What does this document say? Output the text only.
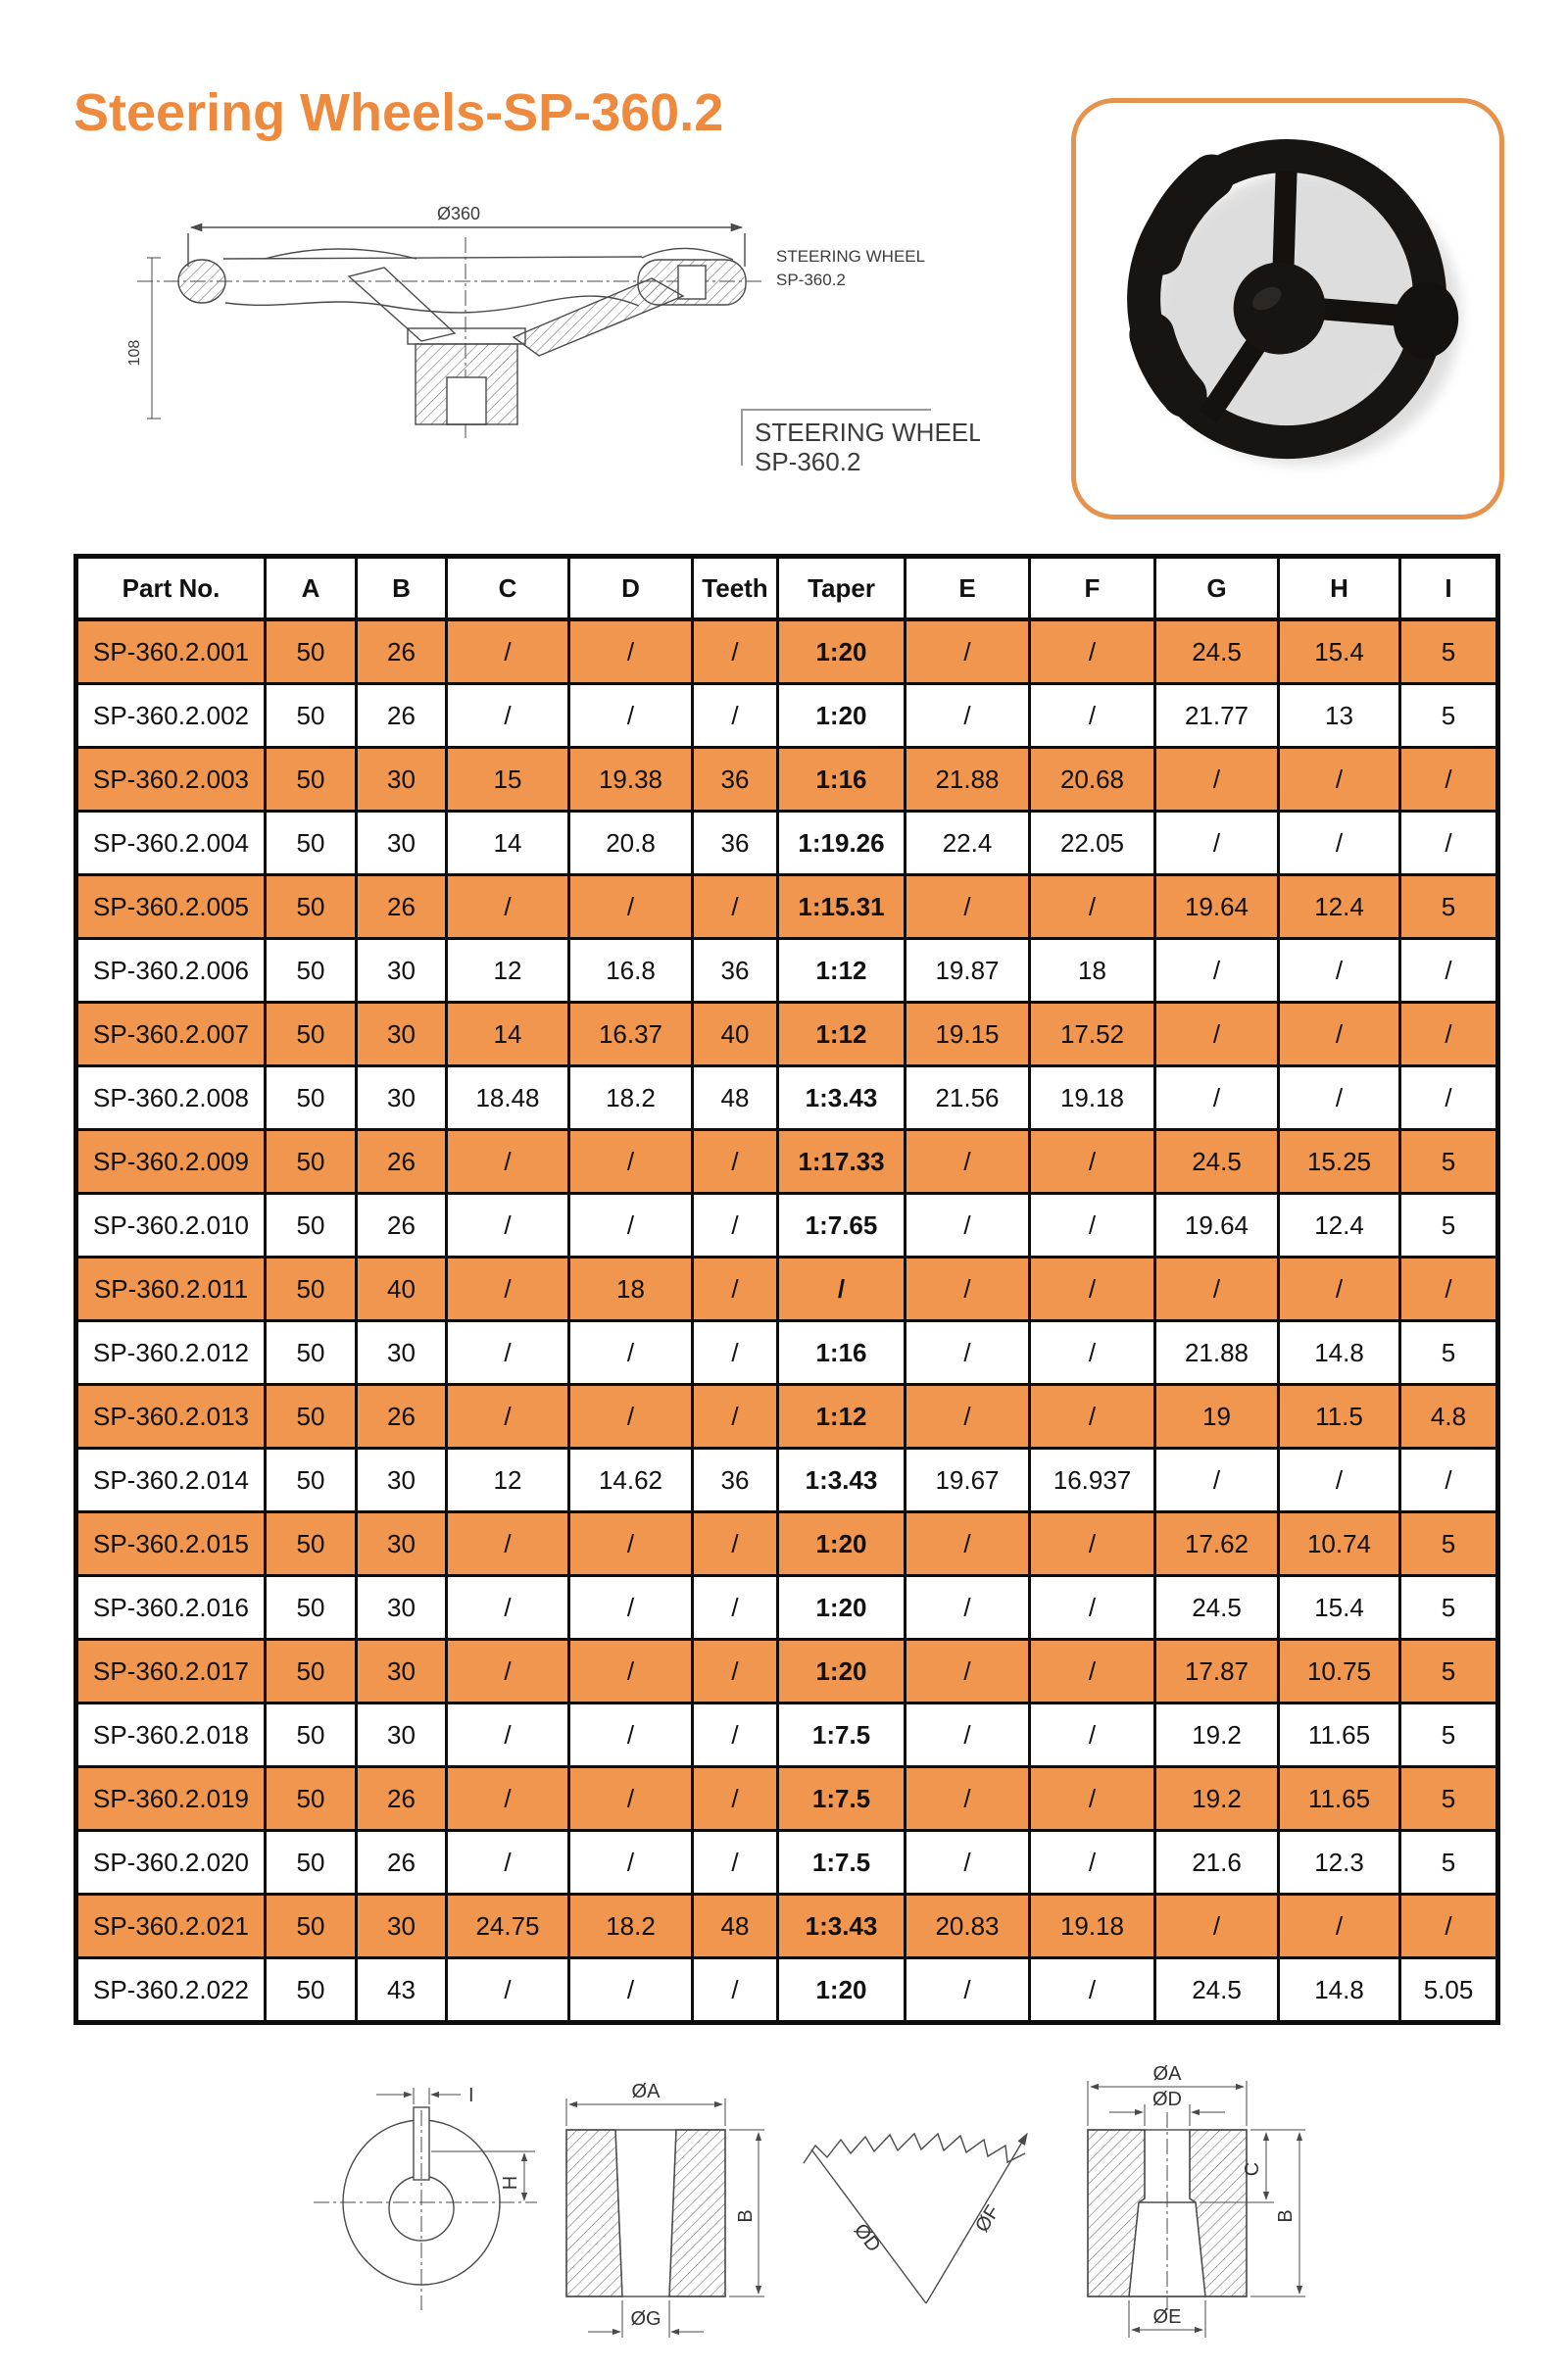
Steering Wheels-SP-360.2
Ø360
108
STEERING WHEEL
SP-360.2
STEERING WHEEL
SP-360.2
Part No.	A	B	C	D	Teeth	Taper	E	F	G	H	I
SP-360.2.001	50	26	/	/	/	1:20	/	/	24.5	15.4	5
SP-360.2.002	50	26	/	/	/	1:20	/	/	21.77	13	5
SP-360.2.003	50	30	15	19.38	36	1:16	21.88	20.68	/	/	/
SP-360.2.004	50	30	14	20.8	36	1:19.26	22.4	22.05	/	/	/
SP-360.2.005	50	26	/	/	/	1:15.31	/	/	19.64	12.4	5
SP-360.2.006	50	30	12	16.8	36	1:12	19.87	18	/	/	/
SP-360.2.007	50	30	14	16.37	40	1:12	19.15	17.52	/	/	/
SP-360.2.008	50	30	18.48	18.2	48	1:3.43	21.56	19.18	/	/	/
SP-360.2.009	50	26	/	/	/	1:17.33	/	/	24.5	15.25	5
SP-360.2.010	50	26	/	/	/	1:7.65	/	/	19.64	12.4	5
SP-360.2.011	50	40	/	18	/	/	/	/	/	/	/
SP-360.2.012	50	30	/	/	/	1:16	/	/	21.88	14.8	5
SP-360.2.013	50	26	/	/	/	1:12	/	/	19	11.5	4.8
SP-360.2.014	50	30	12	14.62	36	1:3.43	19.67	16.937	/	/	/
SP-360.2.015	50	30	/	/	/	1:20	/	/	17.62	10.74	5
SP-360.2.016	50	30	/	/	/	1:20	/	/	24.5	15.4	5
SP-360.2.017	50	30	/	/	/	1:20	/	/	17.87	10.75	5
SP-360.2.018	50	30	/	/	/	1:7.5	/	/	19.2	11.65	5
SP-360.2.019	50	26	/	/	/	1:7.5	/	/	19.2	11.65	5
SP-360.2.020	50	26	/	/	/	1:7.5	/	/	21.6	12.3	5
SP-360.2.021	50	30	24.75	18.2	48	1:3.43	20.83	19.18	/	/	/
SP-360.2.022	50	43	/	/	/	1:20	/	/	24.5	14.8	5.05
I
H
ØA
B
ØG
ØD
ØF
ØA
ØD
C
B
ØE
